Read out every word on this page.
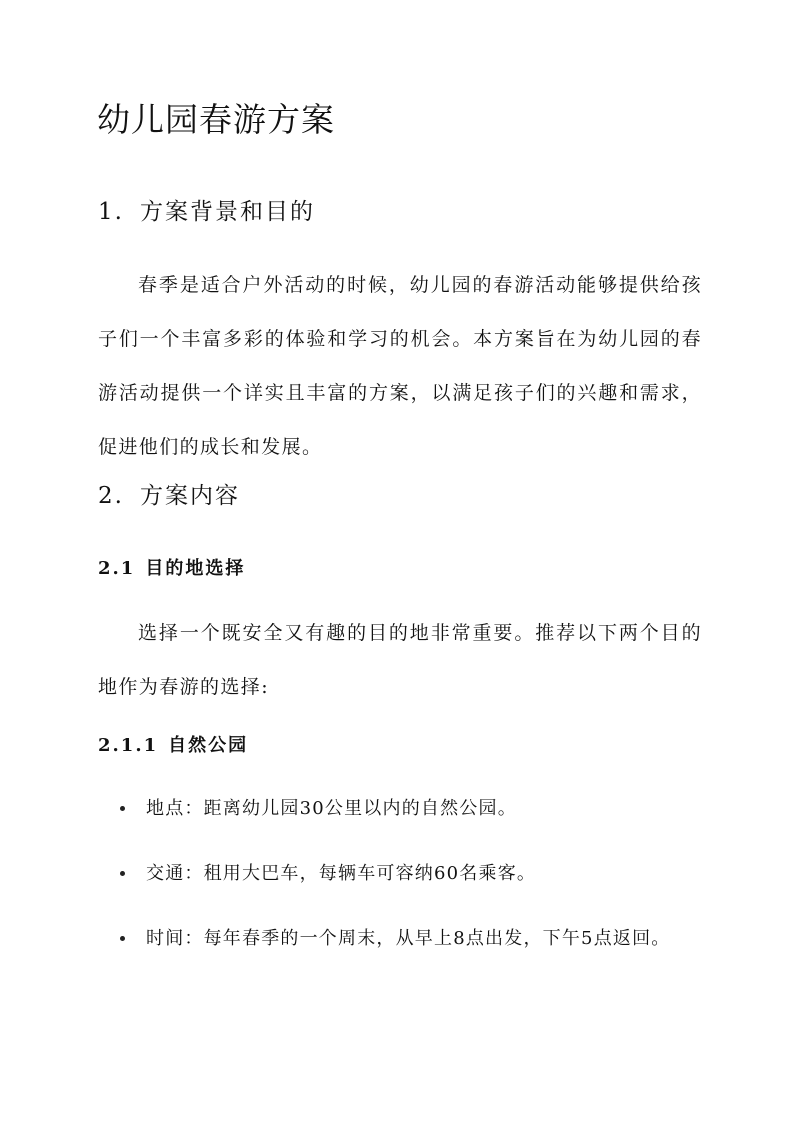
幼儿园春游方案
1. 方案背景和目的

春季是适合户外活动的时候，幼儿园的春游活动能够提供给孩子们一个丰富多彩的体验和学习的机会。本方案旨在为幼儿园的春游活动提供一个详实且丰富的方案，以满足孩子们的兴趣和需求，促进他们的成长和发展。

2. 方案内容
2.1 目的地选择

选择一个既安全又有趣的目的地非常重要。推荐以下两个目的地作为春游的选择:

2.1.1 自然公园
地点：距离幼儿园30公里以内的自然公园。
交通：租用大巴车，每辆车可容纳60名乘客。
时间：每年春季的一个周末，从早上8点出发，下午5点返回。
